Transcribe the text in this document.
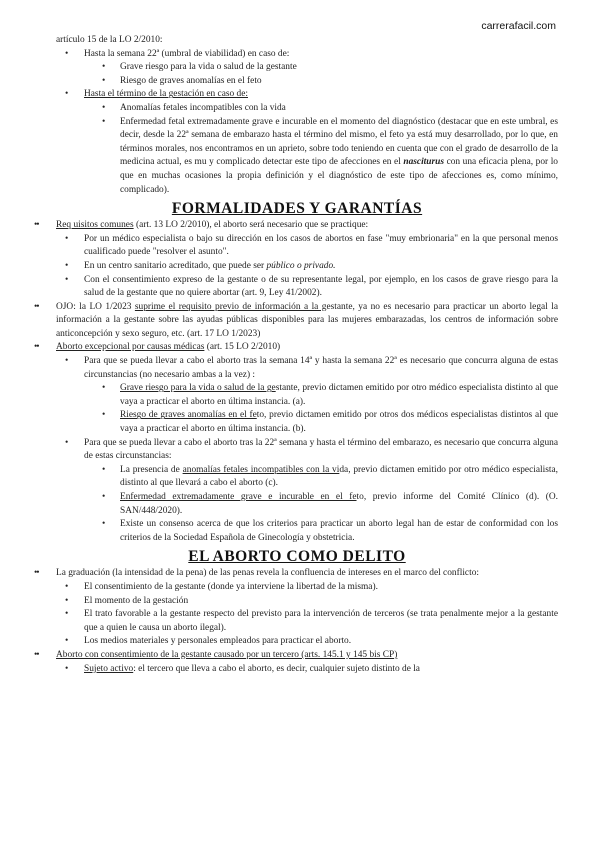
carrerafacil.com

artículo 15 de la LO 2/2010:

• Hasta la semana 22ª (umbral de viabilidad) en caso de:

• Grave riesgo para la vida o salud de la gestante

• Riesgo de graves anomalías en el feto

• Hasta el término de la gestación en caso de:

• Anomalías fetales incompatibles con la vida

• Enfermedad fetal extremadamente grave e incurable en el momento del diagnóstico (destacar que en este umbral, es decir, desde la 22ª semana de embarazo hasta el término del mismo, el feto ya está muy desarrollado, por lo que, en términos morales, nos encontramos en un aprieto, sobre todo teniendo en cuenta que con el grado de desarrollo de la medicina actual, es mu y complicado detectar este tipo de afecciones en el nasciturus con una eficacia plena, por lo que en muchas ocasiones la propia definición y el diagnóstico de este tipo de afecciones es, como mínimo, complicado).

FORMALIDADES Y GARANTÍAS
•• Req uisitos comunes (art. 13 LO 2/2010), el aborto será necesario que se practique:

• Por un médico especialista o bajo su dirección en los casos de abortos en fase "muy embrionaria" en la que personal menos cualificado puede "resolver el asunto".

• En un centro sanitario acreditado, que puede ser público o privado.

• Con el consentimiento expreso de la gestante o de su representante legal, por ejemplo, en los casos de grave riesgo para la salud de la gestante que no quiere abortar (art. 9, Ley 41/2002).

•• OJO: la LO 1/2023 suprime el requisito previo de información a la gestante, ya no es necesario para practicar un aborto legal la información a la gestante sobre las ayudas públicas disponibles para las mujeres embarazadas, los centros de información sobre anticoncepción y sexo seguro, etc. (art. 17 LO 1/2023)

•• Aborto excepcional por causas médicas (art. 15 LO 2/2010)

• Para que se pueda llevar a cabo el aborto tras la semana 14ª y hasta la semana 22ª es necesario que concurra alguna de estas circunstancias (no necesario ambas a la vez) :

• Grave riesgo para la vida o salud de la gestante, previo dictamen emitido por otro médico especialista distinto al que vaya a practicar el aborto en última instancia. (a).

• Riesgo de graves anomalías en el feto, previo dictamen emitido por otros dos médicos especialistas distintos al que vaya a practicar el aborto en última instancia. (b).

• Para que se pueda llevar a cabo el aborto tras la 22ª semana y hasta el término del embarazo, es necesario que concurra alguna de estas circunstancias:

• La presencia de anomalías fetales incompatibles con la vida, previo dictamen emitido por otro médico especialista, distinto al que llevará a cabo el aborto (c).

• Enfermedad extremadamente grave e incurable en el feto, previo informe del Comité Clínico (d). (O. SAN/448/2020).

• Existe un consenso acerca de que los criterios para practicar un aborto legal han de estar de conformidad con los criterios de la Sociedad Española de Ginecología y obstetricia.

EL ABORTO COMO DELITO
•• La graduación (la intensidad de la pena) de las penas revela la confluencia de intereses en el marco del conflicto:

• El consentimiento de la gestante (donde ya interviene la libertad de la misma).

• El momento de la gestación

• El trato favorable a la gestante respecto del previsto para la intervención de terceros (se trata penalmente mejor a la gestante que a quien le causa un aborto ilegal).

• Los medios materiales y personales empleados para practicar el aborto.

•• Aborto con consentimiento de la gestante causado por un tercero (arts. 145.1 y 145 bis CP)

• Sujeto activo: el tercero que lleva a cabo el aborto, es decir, cualquier sujeto distinto de la
